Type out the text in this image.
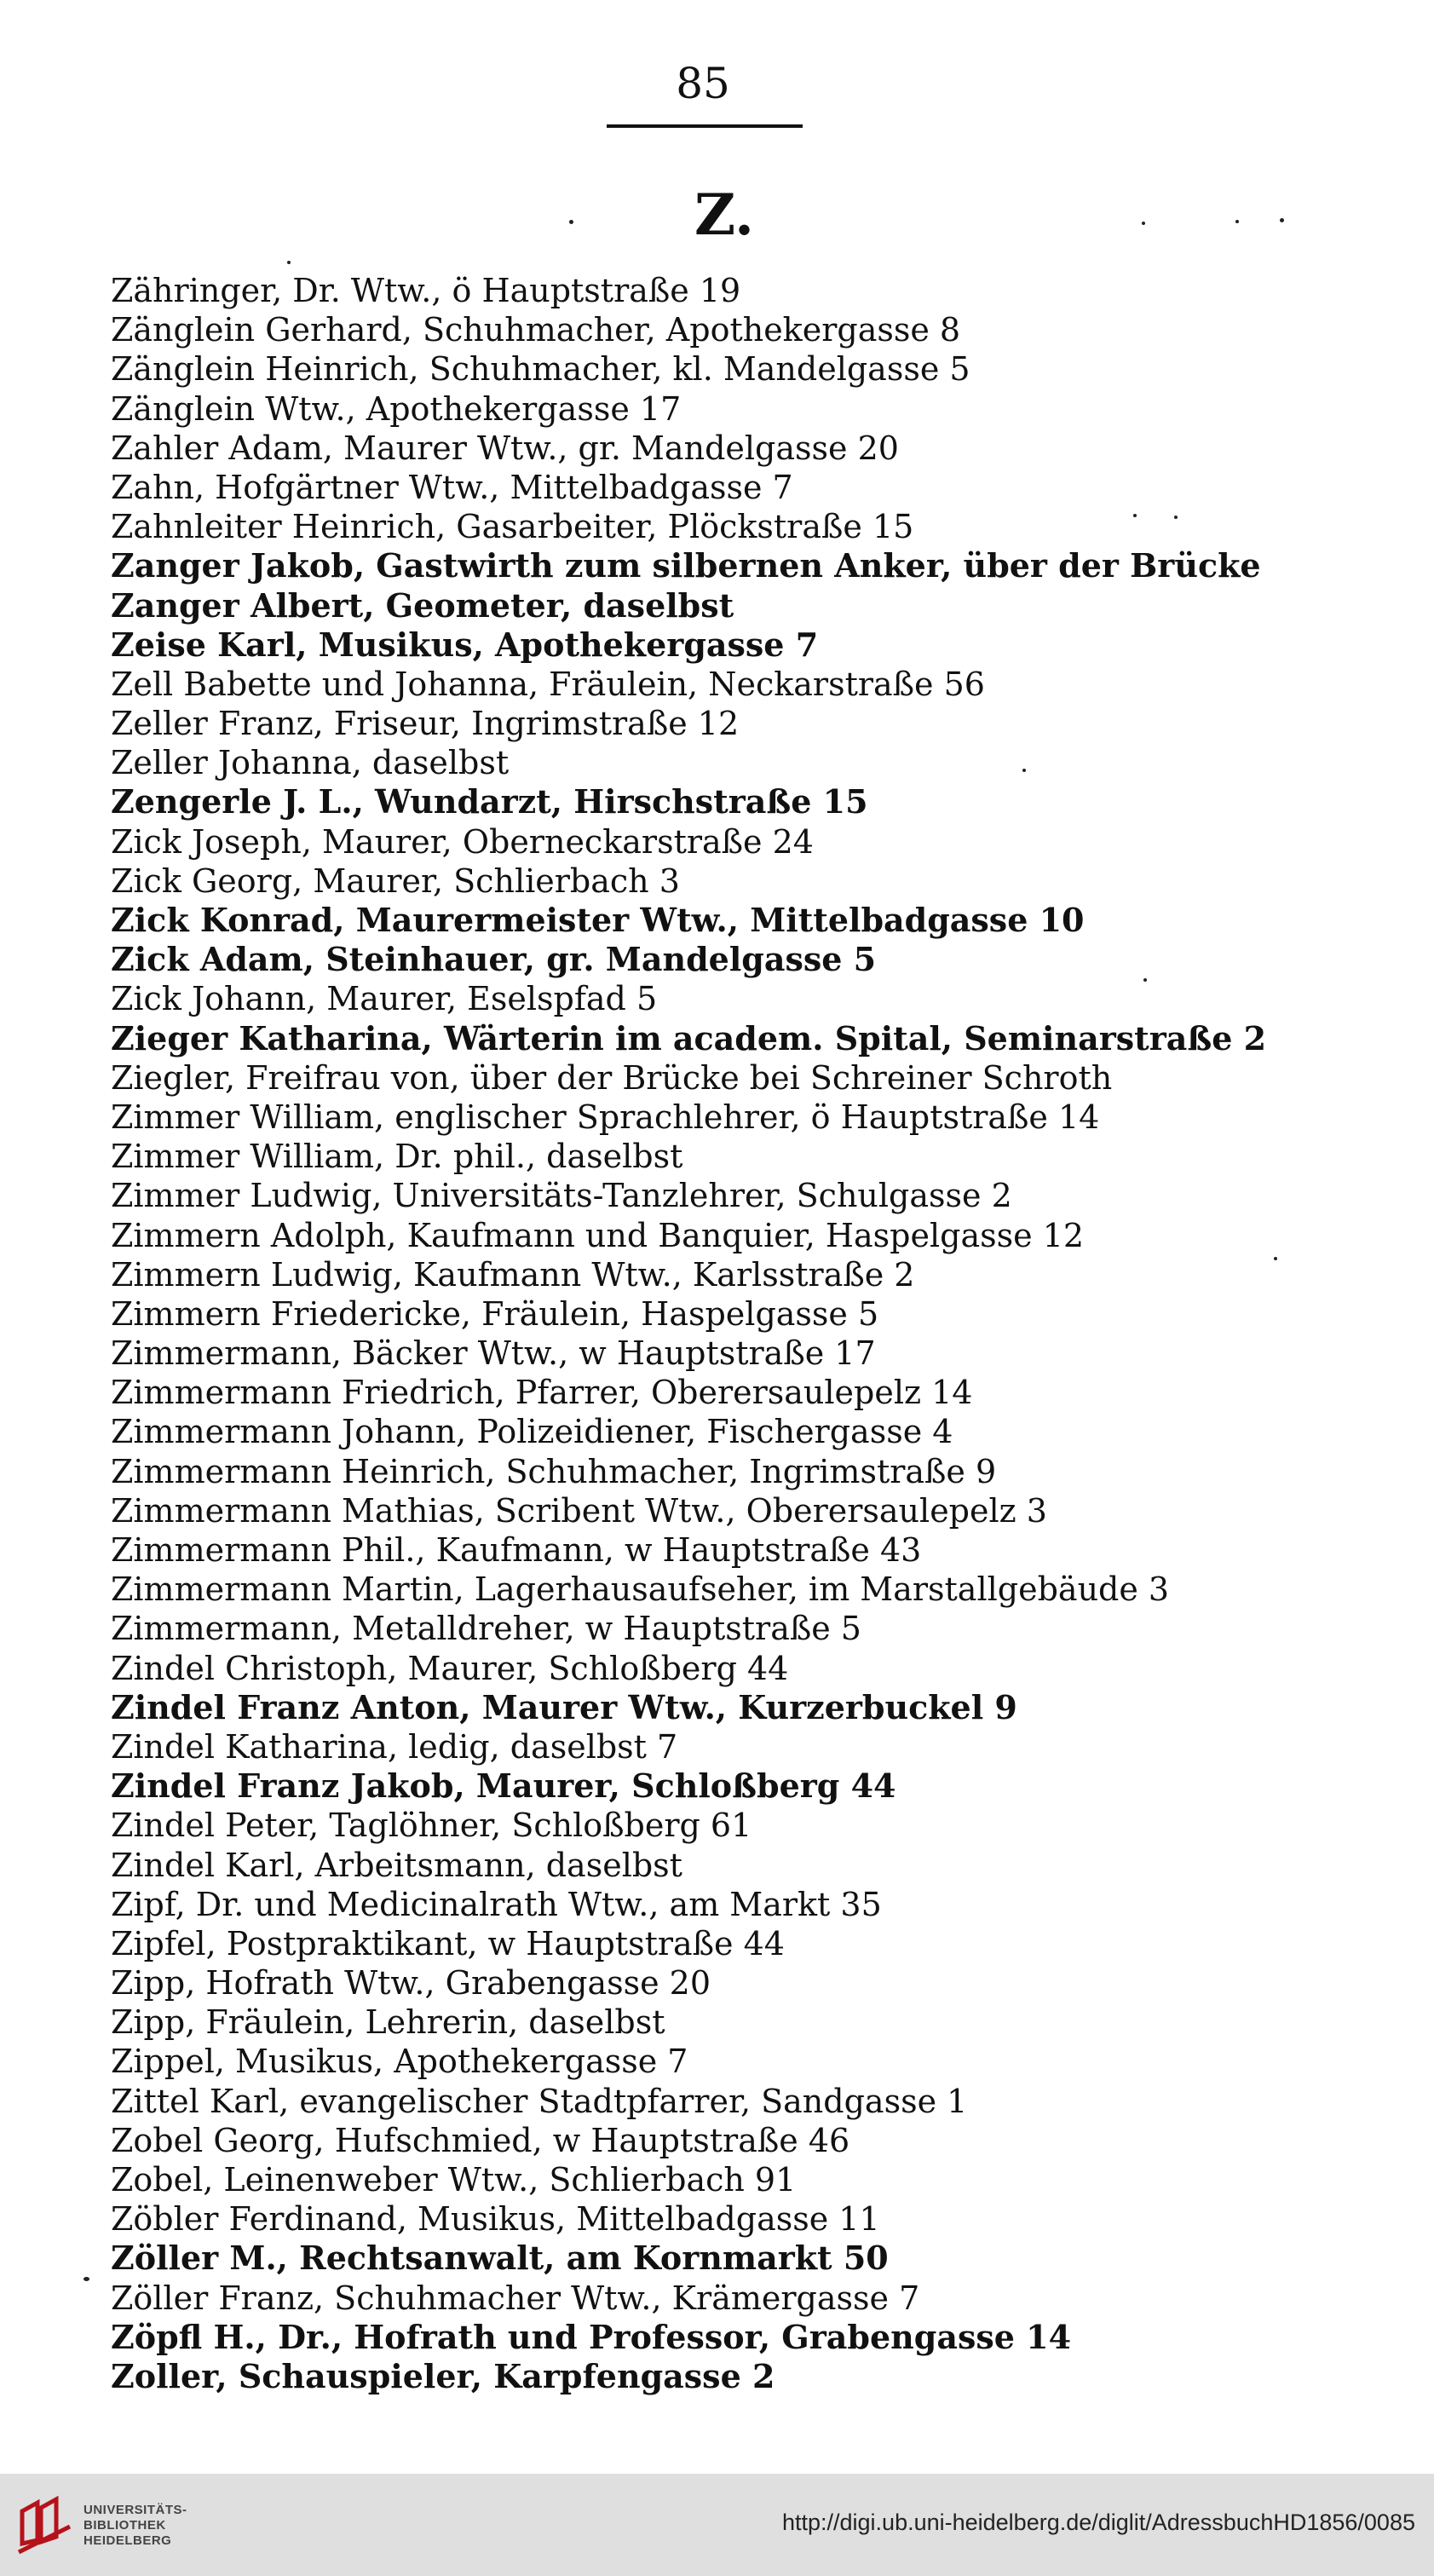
85
Z.
Zähringer, Dr. Wtw., ö Hauptstraße 19
Zänglein Gerhard, Schuhmacher, Apothekergasse 8
Zänglein Heinrich, Schuhmacher, kl. Mandelgasse 5
Zänglein Wtw., Apothekergasse 17
Zahler Adam, Maurer Wtw., gr. Mandelgasse 20
Zahn, Hofgärtner Wtw., Mittelbadgasse 7
Zahnleiter Heinrich, Gasarbeiter, Plöckstraße 15
Zanger Jakob, Gastwirth zum silbernen Anker, über der Brücke
Zanger Albert, Geometer, daselbst
Zeise Karl, Musikus, Apothekergasse 7
Zell Babette und Johanna, Fräulein, Neckarstraße 56
Zeller Franz, Friseur, Ingrimstraße 12
Zeller Johanna, daselbst
Zengerle J. L., Wundarzt, Hirschstraße 15
Zick Joseph, Maurer, Oberneckarstraße 24
Zick Georg, Maurer, Schlierbach 3
Zick Konrad, Maurermeister Wtw., Mittelbadgasse 10
Zick Adam, Steinhauer, gr. Mandelgasse 5
Zick Johann, Maurer, Eselspfad 5
Zieger Katharina, Wärterin im academ. Spital, Seminarstraße 2
Ziegler, Freifrau von, über der Brücke bei Schreiner Schroth
Zimmer William, englischer Sprachlehrer, ö Hauptstraße 14
Zimmer William, Dr. phil., daselbst
Zimmer Ludwig, Universitäts-Tanzlehrer, Schulgasse 2
Zimmern Adolph, Kaufmann und Banquier, Haspelgasse 12
Zimmern Ludwig, Kaufmann Wtw., Karlsstraße 2
Zimmern Friedericke, Fräulein, Haspelgasse 5
Zimmermann, Bäcker Wtw., w Hauptstraße 17
Zimmermann Friedrich, Pfarrer, Oberersaulepelz 14
Zimmermann Johann, Polizeidiener, Fischergasse 4
Zimmermann Heinrich, Schuhmacher, Ingrimstraße 9
Zimmermann Mathias, Scribent Wtw., Oberersaulepelz 3
Zimmermann Phil., Kaufmann, w Hauptstraße 43
Zimmermann Martin, Lagerhausaufseher, im Marstallgebäude 3
Zimmermann, Metalldreher, w Hauptstraße 5
Zindel Christoph, Maurer, Schloßberg 44
Zindel Franz Anton, Maurer Wtw., Kurzerbuckel 9
Zindel Katharina, ledig, daselbst 7
Zindel Franz Jakob, Maurer, Schloßberg 44
Zindel Peter, Taglöhner, Schloßberg 61
Zindel Karl, Arbeitsmann, daselbst
Zipf, Dr. und Medicinalrath Wtw., am Markt 35
Zipfel, Postpraktikant, w Hauptstraße 44
Zipp, Hofrath Wtw., Grabengasse 20
Zipp, Fräulein, Lehrerin, daselbst
Zippel, Musikus, Apothekergasse 7
Zittel Karl, evangelischer Stadtpfarrer, Sandgasse 1
Zobel Georg, Hufschmied, w Hauptstraße 46
Zobel, Leinenweber Wtw., Schlierbach 91
Zöbler Ferdinand, Musikus, Mittelbadgasse 11
Zöller M., Rechtsanwalt, am Kornmarkt 50
Zöller Franz, Schuhmacher Wtw., Krämergasse 7
Zöpfl H., Dr., Hofrath und Professor, Grabengasse 14
Zoller, Schauspieler, Karpfengasse 2
UNIVERSITÄTS-
BIBLIOTHEK
HEIDELBERG
http://digi.ub.uni-heidelberg.de/diglit/AdressbuchHD1856/0085
